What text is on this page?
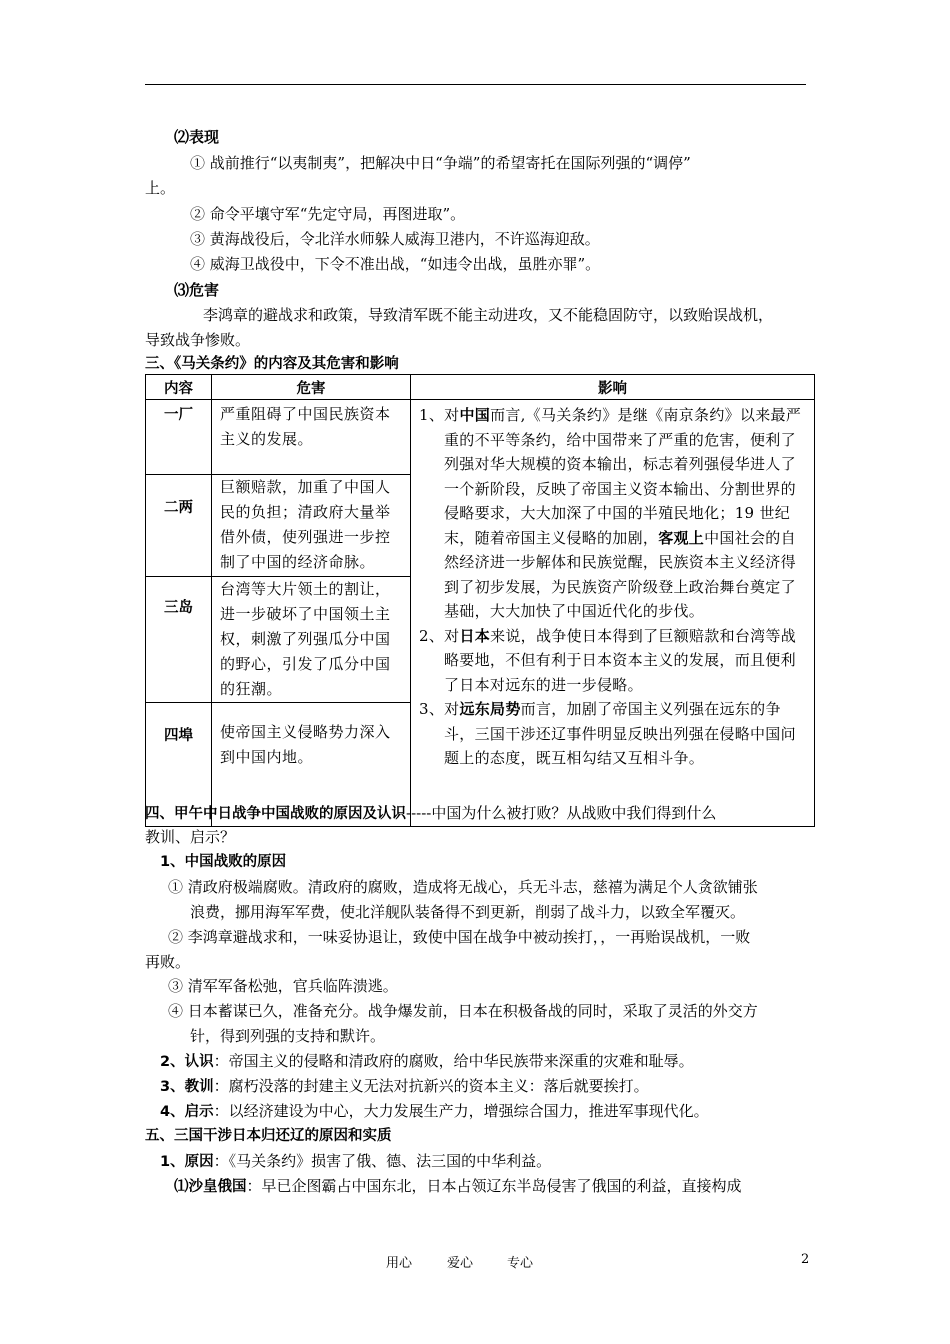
⑵表现
① 战前推行“以夷制夷”，把解决中日“争端”的希望寄托在国际列强的“调停”
上。
② 命令平壤守军“先定守局，再图进取”。
③ 黄海战役后，令北洋水师躲人威海卫港内，不许巡海迎敌。
④ 威海卫战役中，下令不准出战，“如违令出战，虽胜亦罪”。
⑶危害
李鸿章的避战求和政策，导致清军既不能主动进攻，又不能稳固防守，以致贻误战机，
导致战争惨败。
三、《马关条约》的内容及其危害和影响
内容	危害	影响

一厂	严重阻碍了中国民族资本主义的发展。	1、对中国而言,《马关条约》是继《南京条约》以来最严重的不平等条约，给中国带来了严重的危害，便利了列强对华大规模的资本输出，标志着列强侵华进人了一个新阶段，反映了帝国主义资本输出、分割世界的侵略要求，大大加深了中国的半殖民地化；19 世纪末，随着帝国主义侵略的加剧，客观上中国社会的自然经济进一步解体和民族觉醒，民族资本主义经济得到了初步发展，为民族资产阶级登上政治舞台奠定了基础，大大加快了中国近代化的步伐。
2、对日本来说，战争使日本得到了巨额赔款和台湾等战略要地，不但有利于日本资本主义的发展，而且便利了日本对远东的进一步侵略。
3、对远东局势而言，加剧了帝国主义列强在远东的争斗，三国干涉还辽事件明显反映出列强在侵略中国问题上的态度，既互相勾结又互相斗争。

二两	巨额赔款，加重了中国人民的负担；清政府大量举借外债，使列强进一步控制了中国的经济命脉。	

三岛	台湾等大片领土的割让，进一步破坏了中国领土主权，刺激了列强瓜分中国的野心，引发了瓜分中国的狂潮。	

四埠	使帝国主义侵略势力深入到中国内地。	
四、甲午中日战争中国战败的原因及认识-----中国为什么被打败？从战败中我们得到什么
教训、启示？
1、中国战败的原因
① 清政府极端腐败。清政府的腐败，造成将无战心，兵无斗志，慈禧为满足个人贪欲铺张
浪费，挪用海军军费，使北洋舰队装备得不到更新，削弱了战斗力，以致全军覆灭。
② 李鸿章避战求和，一味妥协退让，致使中国在战争中被动挨打，，一再贻误战机，一败
再败。
③ 清军军备松弛，官兵临阵溃逃。
④ 日本蓄谋已久，准备充分。战争爆发前，日本在积极备战的同时，采取了灵活的外交方
针，得到列强的支持和默许。
2、认识：帝国主义的侵略和清政府的腐败，给中华民族带来深重的灾难和耻辱。
3、教训：腐朽没落的封建主义无法对抗新兴的资本主义：落后就要挨打。
4、启示：以经济建设为中心，大力发展生产力，增强综合国力，推进军事现代化。
五、三国干涉日本归还辽的原因和实质
1、原因：《马关条约》损害了俄、德、法三国的中华利益。
⑴沙皇俄国：早已企图霸占中国东北，日本占领辽东半岛侵害了俄国的利益，直接构成
用心	爱心	专心	2
